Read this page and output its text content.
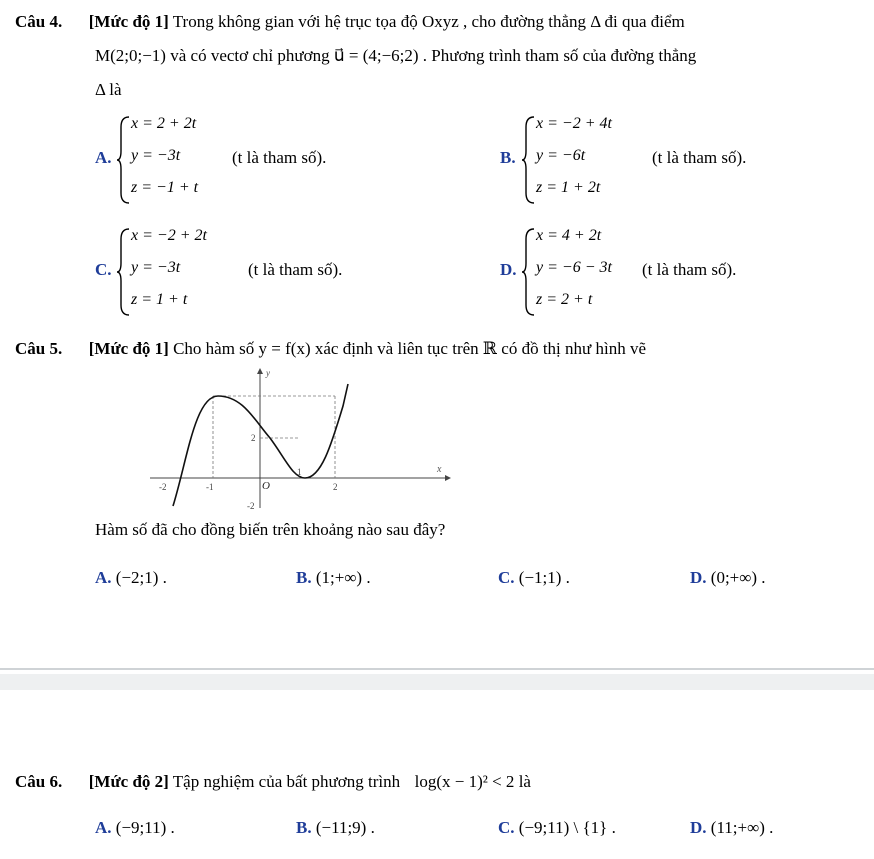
Câu 4. [Mức độ 1] Trong không gian với hệ trục tọa độ Oxyz , cho đường thẳng Δ đi qua điểm
M(2;0;−1) và có vectơ chỉ phương u⃗ = (4;−6;2) . Phương trình tham số của đường thẳng
Δ là
A.
x = 2 + 2t
y = −3t
z = −1 + t
(t là tham số).	B.
x = −2 + 4t
y = −6t
z = 1 + 2t
(t là tham số).
C.
x = −2 + 2t
y = −3t
z = 1 + t
(t là tham số).	D.
x = 4 + 2t
y = −6 − 3t
z = 2 + t
(t là tham số).
Câu 5. [Mức độ 1] Cho hàm số y = f(x) xác định và liên tục trên ℝ có đồ thị như hình vẽ
y
x
-2	-1
1
2
2
-2
O
Hàm số đã cho đồng biến trên khoảng nào sau đây?
A. (−2;1) .	B. (1;+∞) .	C. (−1;1) .	D. (0;+∞) .
Câu 6. [Mức độ 2] Tập nghiệm của bất phương trình log(x − 1)² < 2 là
A. (−9;11) .	B. (−11;9) .	C. (−9;11) \ {1} .	D. (11;+∞) .
